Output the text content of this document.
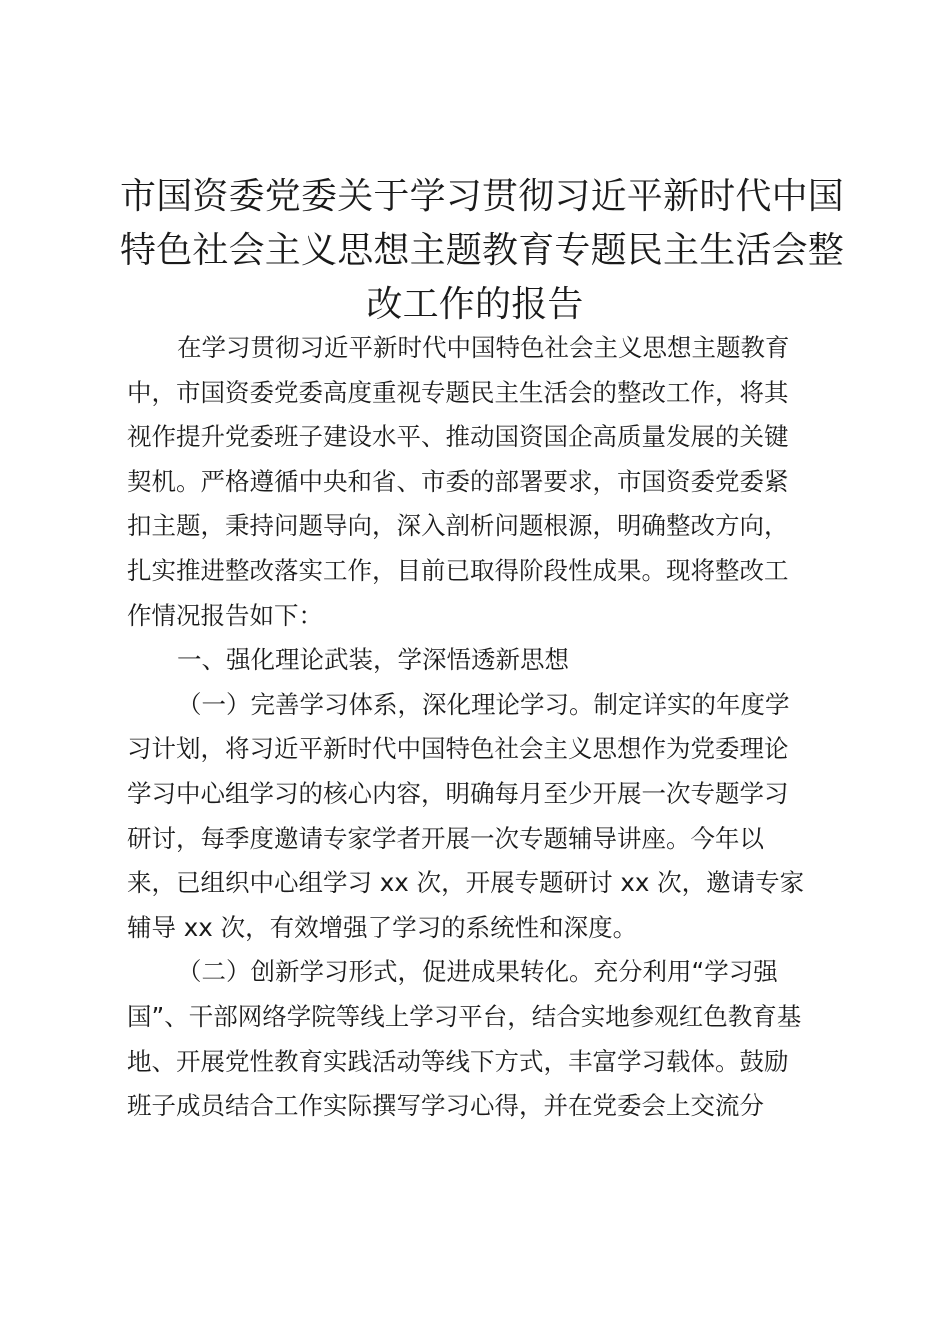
市国资委党委关于学习贯彻习近平新时代中国
特色社会主义思想主题教育专题民主生活会整
改工作的报告
在学习贯彻习近平新时代中国特色社会主义思想主题教育
中，市国资委党委高度重视专题民主生活会的整改工作，将其
视作提升党委班子建设水平、推动国资国企高质量发展的关键
契机。严格遵循中央和省、市委的部署要求，市国资委党委紧
扣主题，秉持问题导向，深入剖析问题根源，明确整改方向，
扎实推进整改落实工作，目前已取得阶段性成果。现将整改工
作情况报告如下：
一、强化理论武装，学深悟透新思想
（一）完善学习体系，深化理论学习。制定详实的年度学
习计划，将习近平新时代中国特色社会主义思想作为党委理论
学习中心组学习的核心内容，明确每月至少开展一次专题学习
研讨，每季度邀请专家学者开展一次专题辅导讲座。今年以
来，已组织中心组学习 xx 次，开展专题研讨 xx 次，邀请专家
辅导 xx 次，有效增强了学习的系统性和深度。
（二）创新学习形式，促进成果转化。充分利用“学习强
国”、干部网络学院等线上学习平台，结合实地参观红色教育基
地、开展党性教育实践活动等线下方式，丰富学习载体。鼓励
班子成员结合工作实际撰写学习心得，并在党委会上交流分
